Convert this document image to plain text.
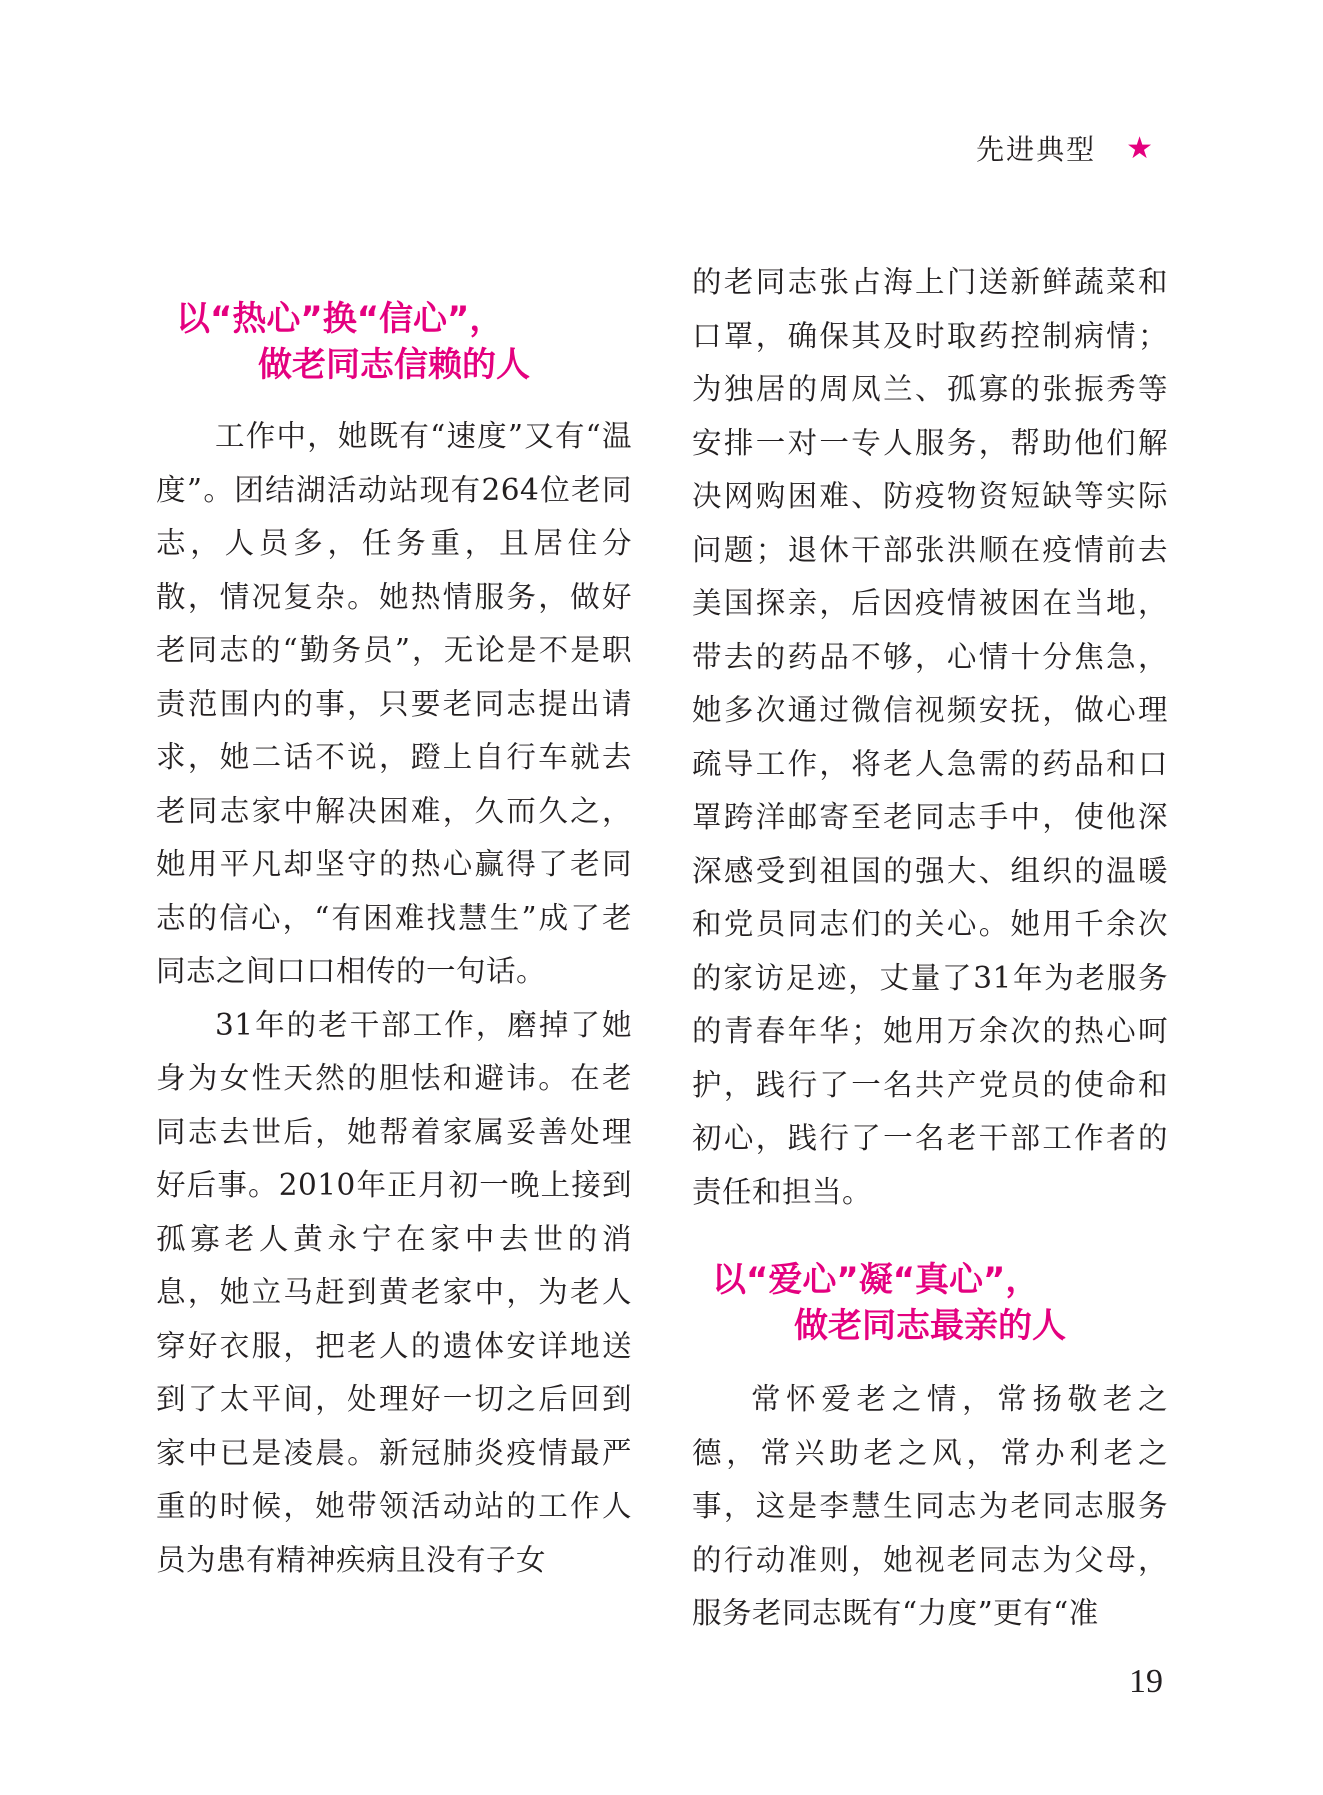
先进典型 ★
以“热心”换“信心”，
做老同志信赖的人

工作中，她既有“速度”又有“温度”。团结湖活动站现有264位老同志，人员多，任务重，且居住分散，情况复杂。她热情服务，做好老同志的“勤务员”，无论是不是职责范围内的事，只要老同志提出请求，她二话不说，蹬上自行车就去老同志家中解决困难，久而久之，她用平凡却坚守的热心赢得了老同志的信心，“有困难找慧生”成了老同志之间口口相传的一句话。

31年的老干部工作，磨掉了她身为女性天然的胆怯和避讳。在老同志去世后，她帮着家属妥善处理好后事。2010年正月初一晚上接到孤寡老人黄永宁在家中去世的消息，她立马赶到黄老家中，为老人穿好衣服，把老人的遗体安详地送到了太平间，处理好一切之后回到家中已是凌晨。新冠肺炎疫情最严重的时候，她带领活动站的工作人员为患有精神疾病且没有子女

的老同志张占海上门送新鲜蔬菜和口罩，确保其及时取药控制病情；为独居的周凤兰、孤寡的张振秀等安排一对一专人服务，帮助他们解决网购困难、防疫物资短缺等实际问题；退休干部张洪顺在疫情前去美国探亲，后因疫情被困在当地，带去的药品不够，心情十分焦急，她多次通过微信视频安抚，做心理疏导工作，将老人急需的药品和口罩跨洋邮寄至老同志手中，使他深深感受到祖国的强大、组织的温暖和党员同志们的关心。她用千余次的家访足迹，丈量了31年为老服务的青春年华；她用万余次的热心呵护，践行了一名共产党员的使命和初心，践行了一名老干部工作者的责任和担当。

以“爱心”凝“真心”，
做老同志最亲的人

常怀爱老之情，常扬敬老之德，常兴助老之风，常办利老之事，这是李慧生同志为老同志服务的行动准则，她视老同志为父母，服务老同志既有“力度”更有“准

19
